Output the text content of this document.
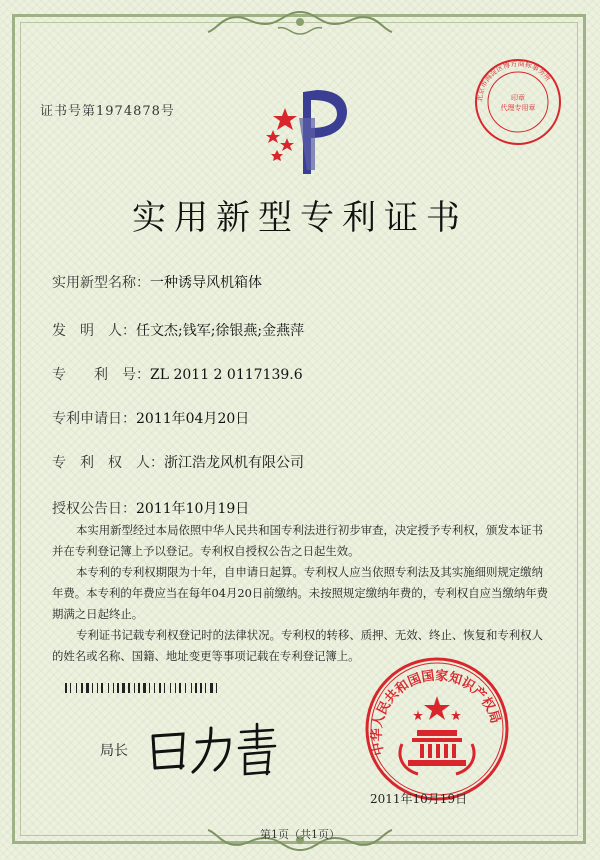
证书号第1974878号
北京市海淀区博方商标事务所
印章
代理专用章
实用新型专利证书
实用新型名称：一种诱导风机箱体
发　明　人：任文杰;钱军;徐银燕;金燕萍
专　　利　号：ZL 2011 2 0117139.6
专利申请日：2011年04月20日
专　利　权　人：浙江浩龙风机有限公司
授权公告日：2011年10月19日

本实用新型经过本局依照中华人民共和国专利法进行初步审查，决定授予专利权，颁发本证书并在专利登记簿上予以登记。专利权自授权公告之日起生效。

本专利的专利权期限为十年，自申请日起算。专利权人应当依照专利法及其实施细则规定缴纳年费。本专利的年费应当在每年04月20日前缴纳。未按照规定缴纳年费的，专利权自应当缴纳年费期满之日起终止。

专利证书记载专利权登记时的法律状况。专利权的转移、质押、无效、终止、恢复和专利权人的姓名或名称、国籍、地址变更等事项记载在专利登记簿上。

局长	中华人民共和国国家知识产权局
2011年10月19日
第1页（共1页）
